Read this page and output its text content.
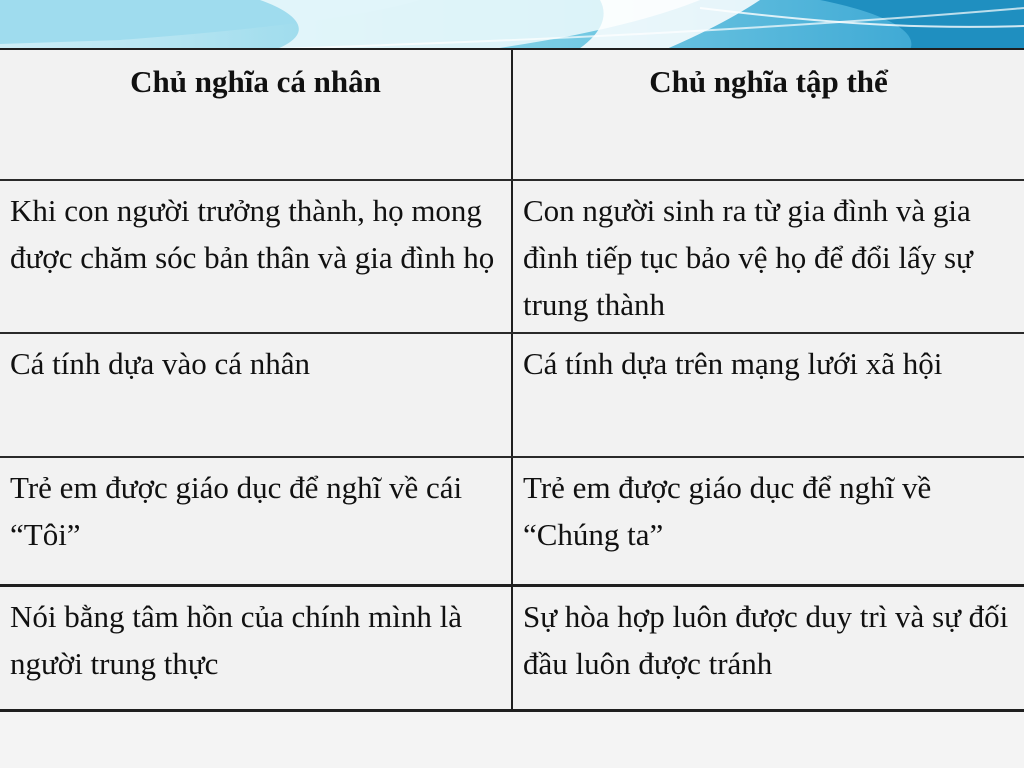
Chủ nghĩa cá nhân	Chủ nghĩa tập thể
Khi con người trưởng thành, họ mong được chăm sóc bản thân và gia đình họ	Con người sinh ra từ gia đình và gia đình tiếp tục bảo vệ họ để đổi lấy sự trung thành
Cá tính dựa vào cá nhân	Cá tính dựa trên mạng lưới xã hội
Trẻ em được giáo dục để nghĩ về cái “Tôi”	Trẻ em được giáo dục để nghĩ về “Chúng ta”
Nói bằng tâm hồn của chính mình là người trung thực	Sự hòa hợp luôn được duy trì và sự đối đầu luôn được tránh
